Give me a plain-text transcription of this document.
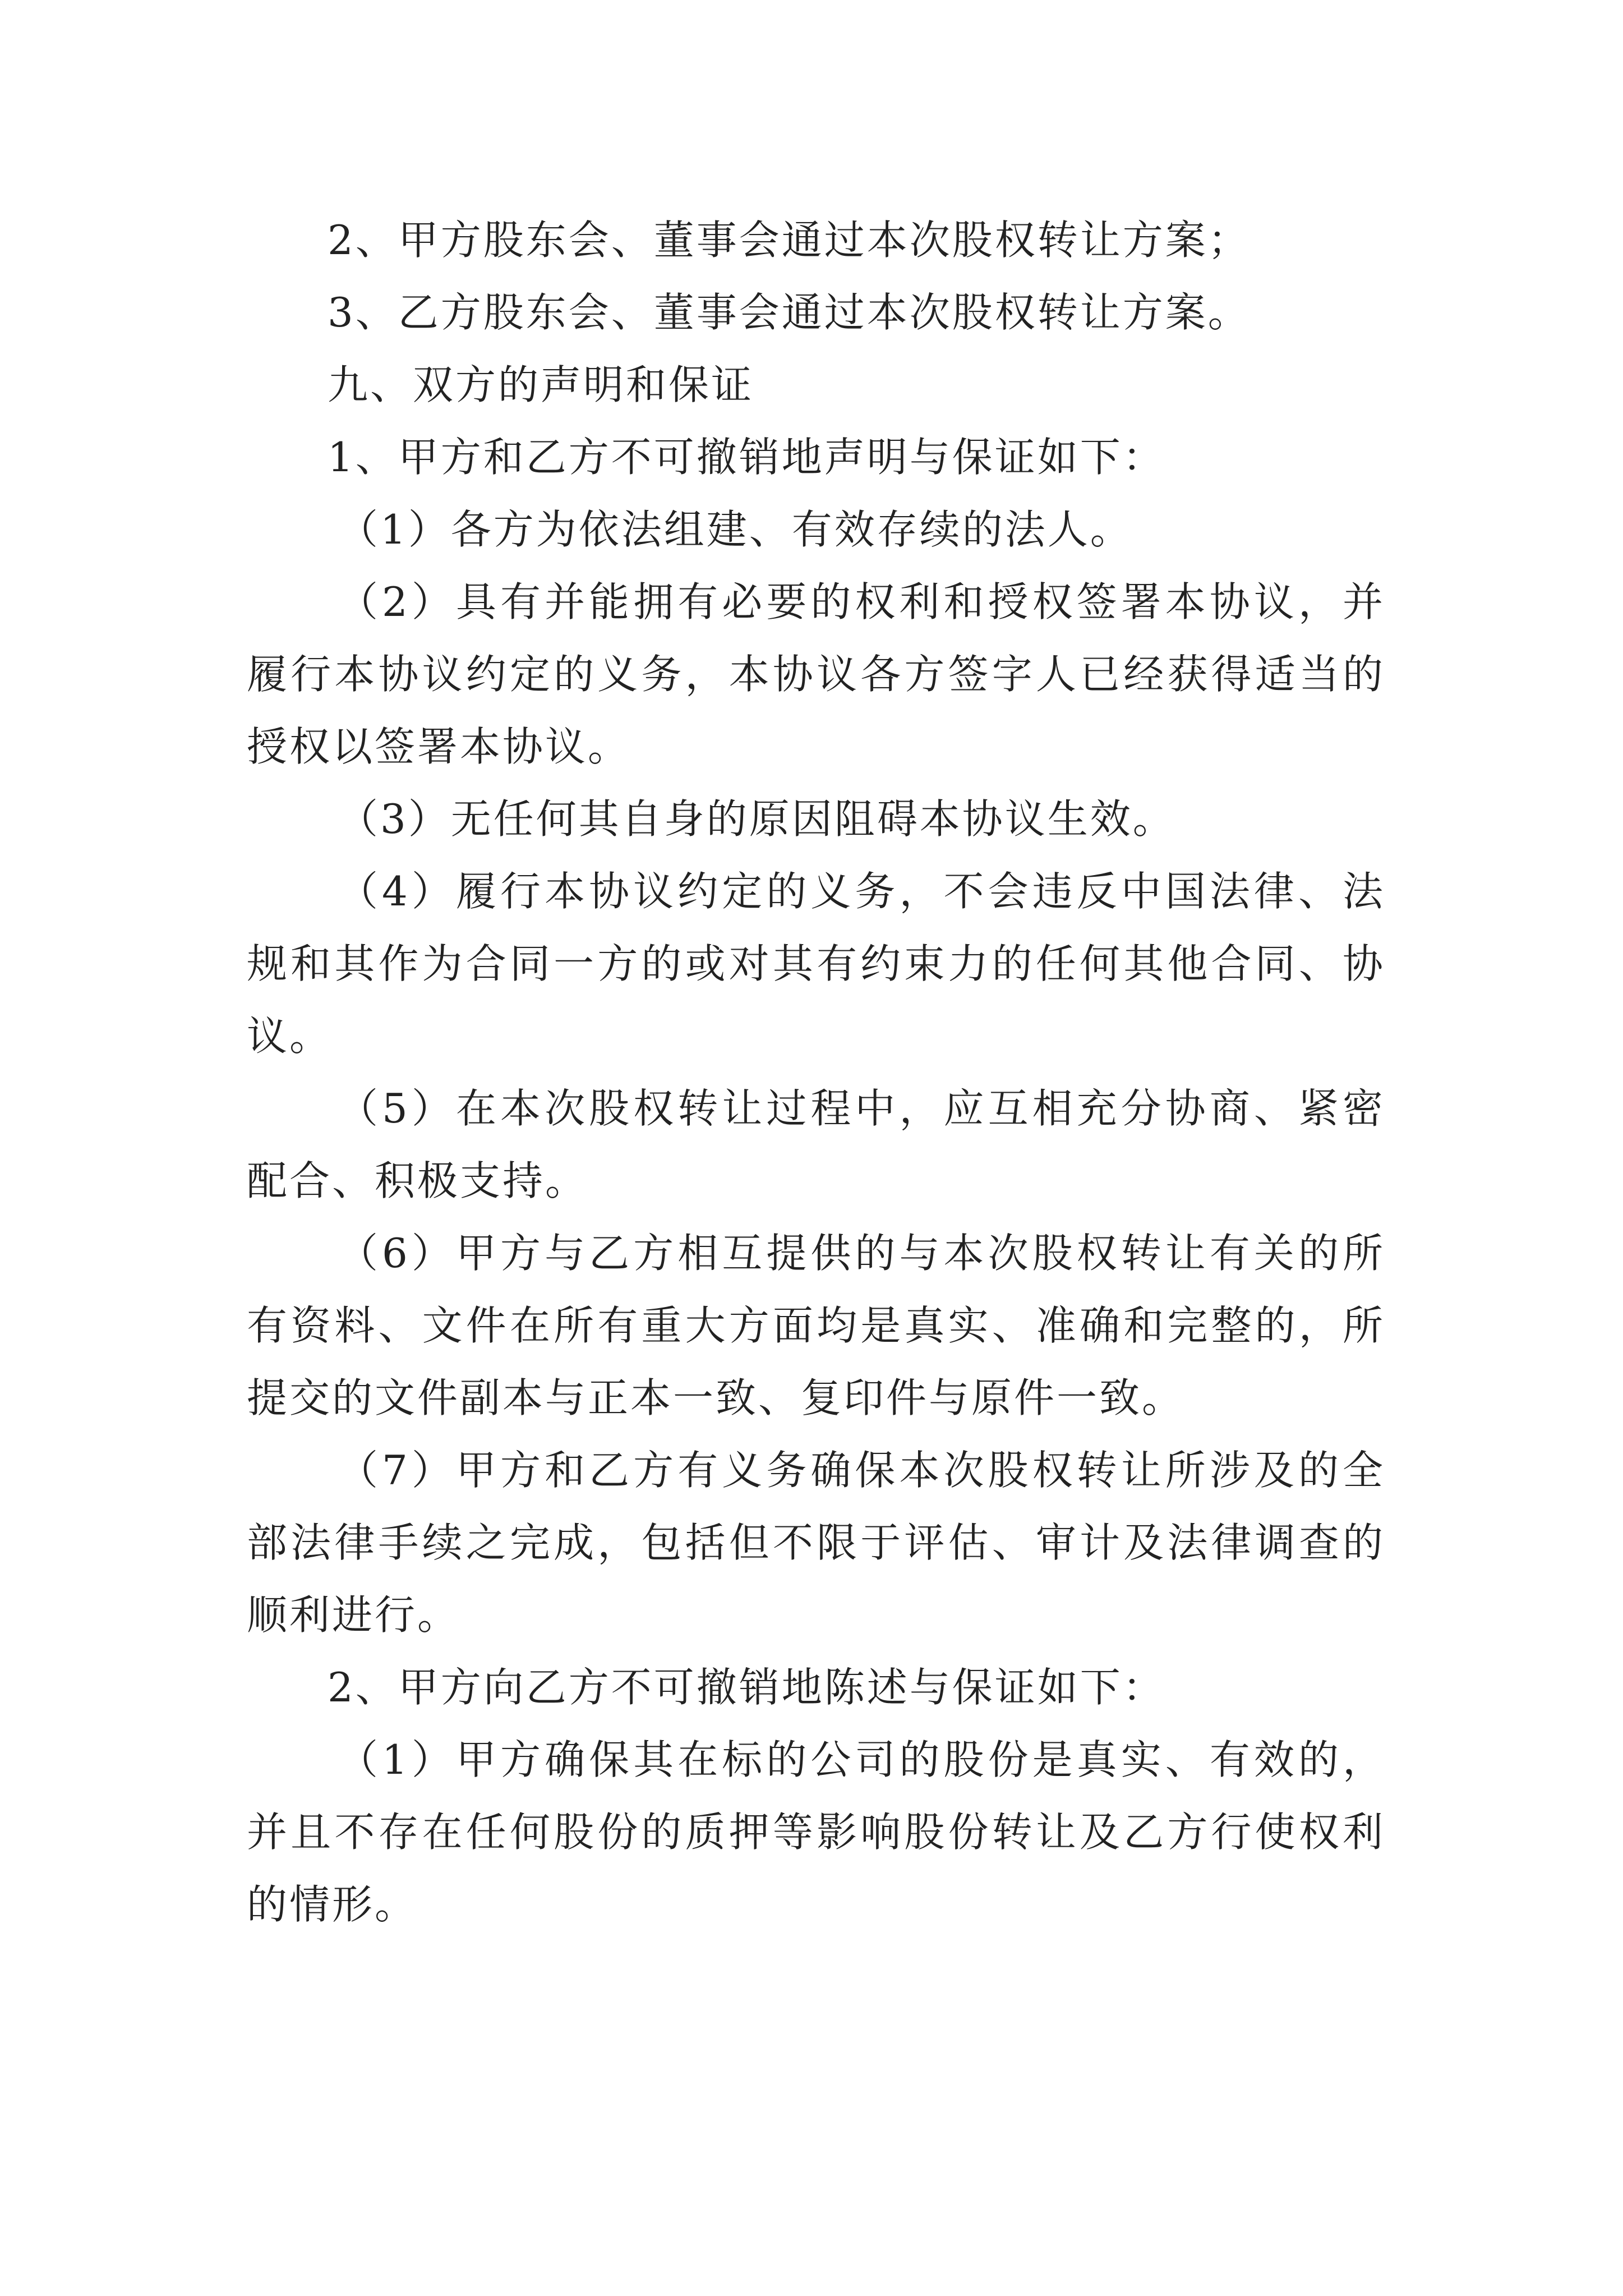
2、甲方股东会、董事会通过本次股权转让方案；

3、乙方股东会、董事会通过本次股权转让方案。

九、双方的声明和保证

1、甲方和乙方不可撤销地声明与保证如下：

（1）各方为依法组建、有效存续的法人。

（2）具有并能拥有必要的权利和授权签署本协议，并履行本协议约定的义务，本协议各方签字人已经获得适当的授权以签署本协议。

（3）无任何其自身的原因阻碍本协议生效。

（4）履行本协议约定的义务，不会违反中国法律、法规和其作为合同一方的或对其有约束力的任何其他合同、协议。

（5）在本次股权转让过程中，应互相充分协商、紧密配合、积极支持。

（6）甲方与乙方相互提供的与本次股权转让有关的所有资料、文件在所有重大方面均是真实、准确和完整的，所提交的文件副本与正本一致、复印件与原件一致。

（7）甲方和乙方有义务确保本次股权转让所涉及的全部法律手续之完成，包括但不限于评估、审计及法律调查的顺利进行。

2、甲方向乙方不可撤销地陈述与保证如下：

（1）甲方确保其在标的公司的股份是真实、有效的，并且不存在任何股份的质押等影响股份转让及乙方行使权利的情形。
